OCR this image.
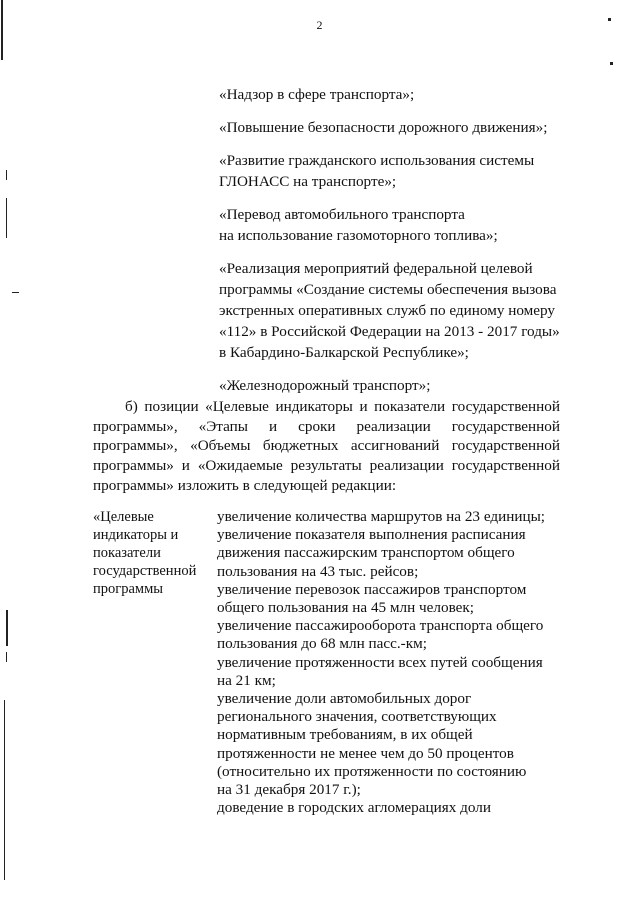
2
«Надзор в сфере транспорта»;
«Повышение безопасности дорожного движения»;
«Развитие гражданского использования системы
ГЛОНАСС на транспорте»;
«Перевод автомобильного транспорта
на использование газомоторного топлива»;
«Реализация мероприятий федеральной целевой
программы «Создание системы обеспечения вызова
экстренных оперативных служб по единому номеру
«112» в Российской Федерации на 2013 - 2017 годы»
в Кабардино-Балкарской Республике»;
«Железнодорожный транспорт»;
б) позиции «Целевые индикаторы и показатели государственной программы», «Этапы и сроки реализации государственной программы», «Объемы бюджетных ассигнований государственной программы» и «Ожидаемые результаты реализации государственной программы» изложить в следующей редакции:
«Целевые
индикаторы и
показатели
государственной
программы
увеличение количества маршрутов на 23 единицы;
увеличение показателя выполнения расписания
движения пассажирским транспортом общего
пользования на 43 тыс. рейсов;
увеличение перевозок пассажиров транспортом
общего пользования на 45 млн человек;
увеличение пассажирооборота транспорта общего
пользования до 68 млн пасс.-км;
увеличение протяженности всех путей сообщения
на 21 км;
увеличение доли автомобильных дорог
регионального значения, соответствующих
нормативным требованиям, в их общей
протяженности не менее чем до 50 процентов
(относительно их протяженности по состоянию
на 31 декабря 2017 г.);
доведение в городских агломерациях доли
